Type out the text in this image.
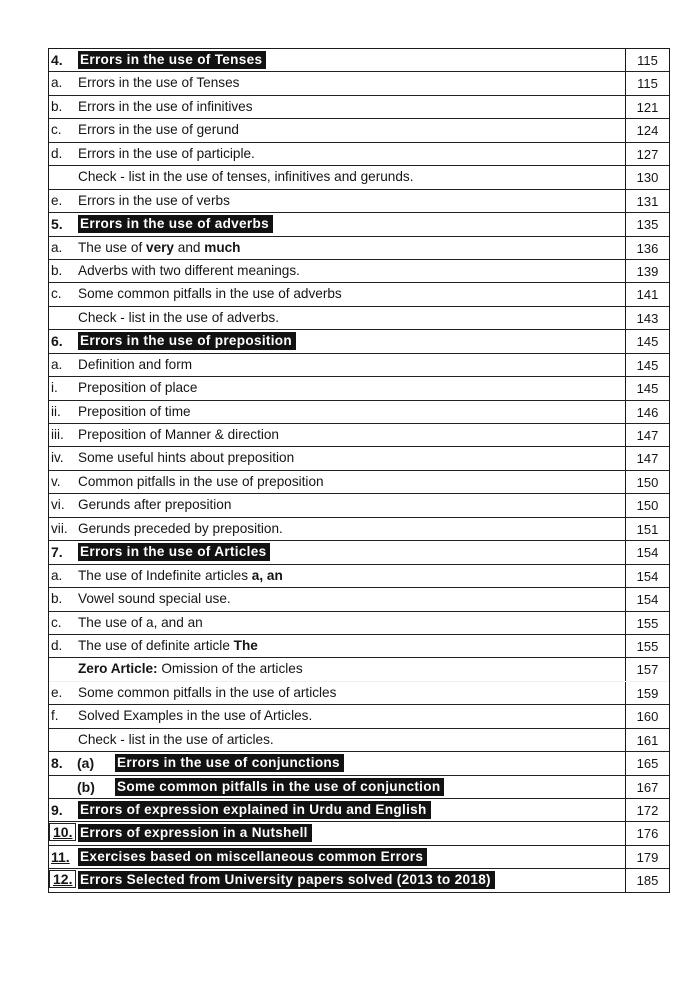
4. Errors in the use of Tenses	115
a. Errors in the use of Tenses	115
b. Errors in the use of infinitives	121
c. Errors in the use of gerund	124
d. Errors in the use of participle.	127
Check - list in the use of tenses, infinitives and gerunds.	130
e. Errors in the use of verbs	131
5. Errors in the use of adverbs	135
a. The use of very and much	136
b. Adverbs with two different meanings.	139
c. Some common pitfalls in the use of adverbs	141
Check - list in the use of adverbs.	143
6. Errors in the use of preposition	145
a. Definition and form	145
i. Preposition of place	145
ii. Preposition of time	146
iii. Preposition of Manner & direction	147
iv. Some useful hints about preposition	147
v. Common pitfalls in the use of preposition	150
vi. Gerunds after preposition	150
vii. Gerunds preceded by preposition.	151
7. Errors in the use of Articles	154
a. The use of Indefinite articles a, an	154
b. Vowel sound special use.	154
c. The use of a, and an	155
d. The use of definite article The	155
Zero Article: Omission of the articles	157
e. Some common pitfalls in the use of articles	159
f. Solved Examples in the use of Articles.	160
Check - list in the use of articles.	161
8. (a) Errors in the use of conjunctions	165
(b) Some common pitfalls in the use of conjunction	167
9. Errors of expression explained in Urdu and English	172
10. Errors of expression in a Nutshell	176
11. Exercises based on miscellaneous common Errors	179
12. Errors Selected from University papers solved (2013 to 2018)	185
